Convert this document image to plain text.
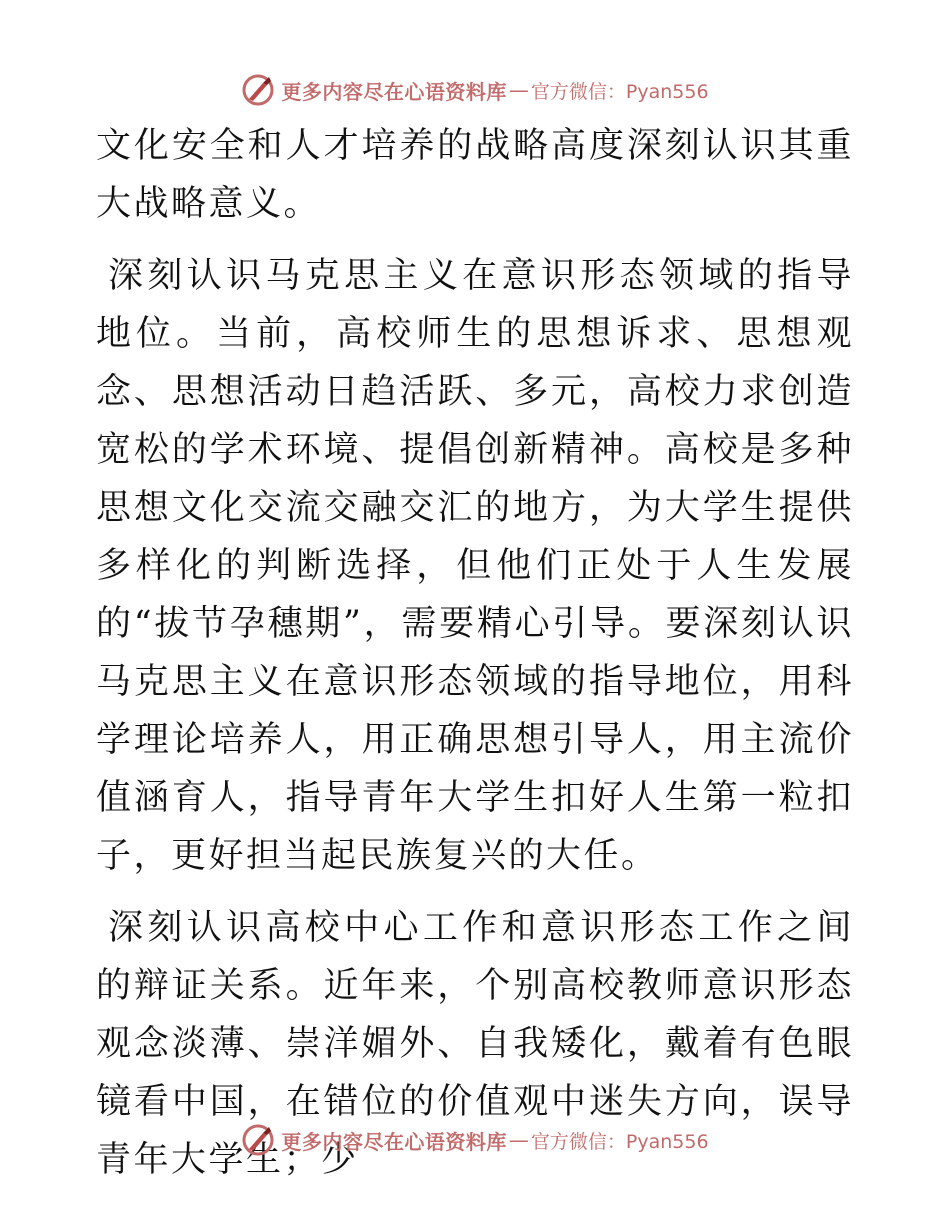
更多内容尽在心语资料库 — 官方微信：Pyan556

文化安全和人才培养的战略高度深刻认识其重大战略意义。

深刻认识马克思主义在意识形态领域的指导地位。当前，高校师生的思想诉求、思想观念、思想活动日趋活跃、多元，高校力求创造宽松的学术环境、提倡创新精神。高校是多种思想文化交流交融交汇的地方，为大学生提供多样化的判断选择，但他们正处于人生发展的“拔节孕穗期”，需要精心引导。要深刻认识马克思主义在意识形态领域的指导地位，用科学理论培养人，用正确思想引导人，用主流价值涵育人，指导青年大学生扣好人生第一粒扣子，更好担当起民族复兴的大任。

深刻认识高校中心工作和意识形态工作之间的辩证关系。近年来，个别高校教师意识形态观念淡薄、崇洋媚外、自我矮化，戴着有色眼镜看中国，在错位的价值观中迷失方向，误导青年大学生；少

更多内容尽在心语资料库 — 官方微信：Pyan556
